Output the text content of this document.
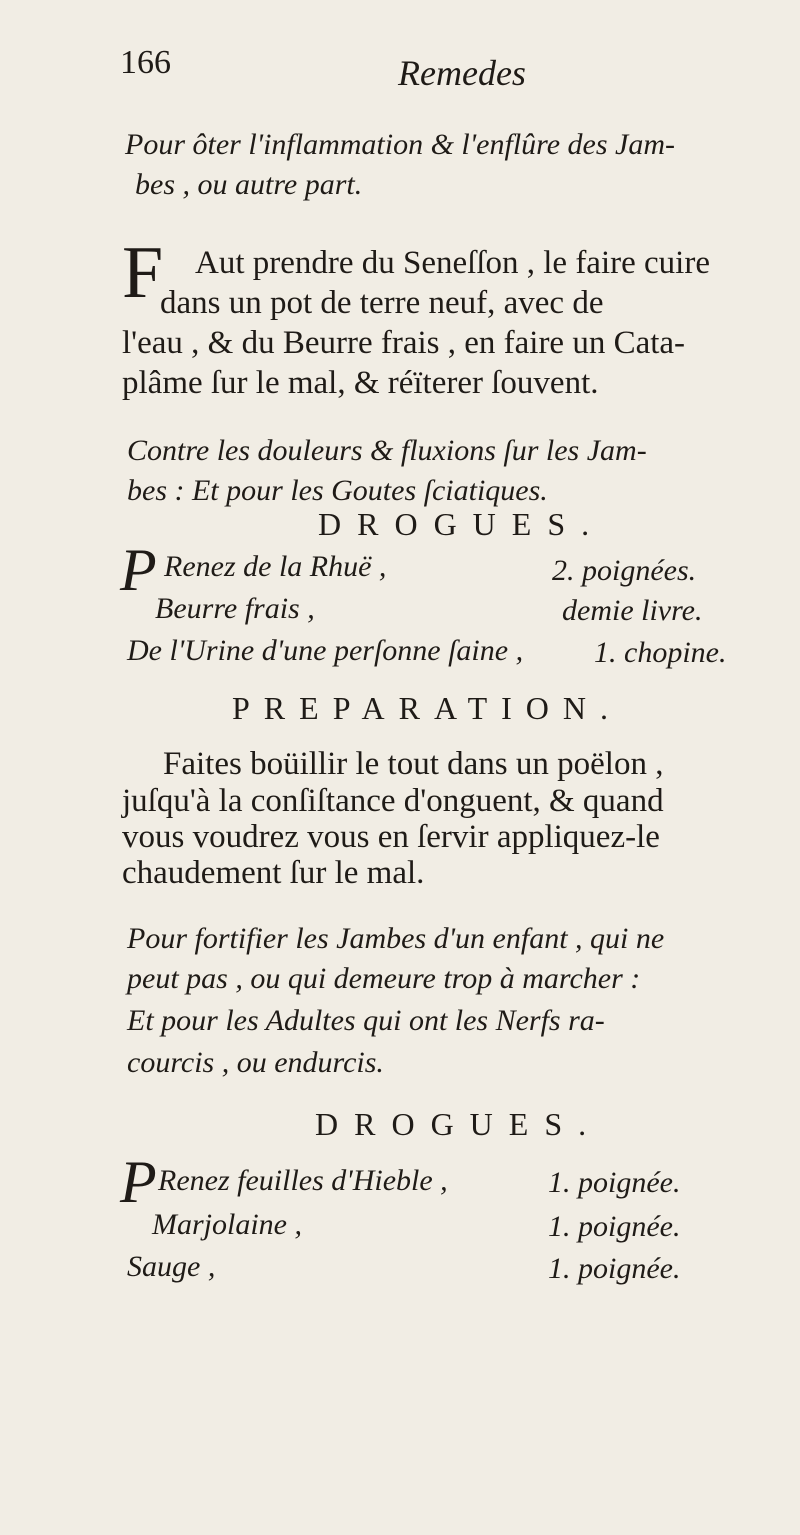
166	Remedes
Pour ôter l'inflammation & l'enflûre des Jam-
bes , ou autre part.
F Aut prendre du Seneſſon , le faire cuire
dans un pot de terre neuf, avec de
l'eau , & du Beurre frais , en faire un Cata-
plâme ſur le mal, & réïterer ſouvent.
Contre les douleurs & fluxions ſur les Jam-
bes : Et pour les Goutes ſciatiques.
DROGUES.
P Renez de la Rhuë ,	2. poignées.
Beurre frais ,	demie livre.
De l'Urine d'une perſonne ſaine , 1. chopine.
PREPARATION.
Faites boüillir le tout dans un poëlon ,
juſqu'à la conſiſtance d'onguent, & quand
vous voudrez vous en ſervir appliquez-le
chaudement ſur le mal.
Pour fortifier les Jambes d'un enfant , qui ne
peut pas , ou qui demeure trop à marcher :
Et pour les Adultes qui ont les Nerfs ra-
courcis , ou endurcis.
DROGUES.
P Renez feuilles d'Hieble ,	1. poignée.
Marjolaine ,	1. poignée.
Sauge ,	1. poignée.
